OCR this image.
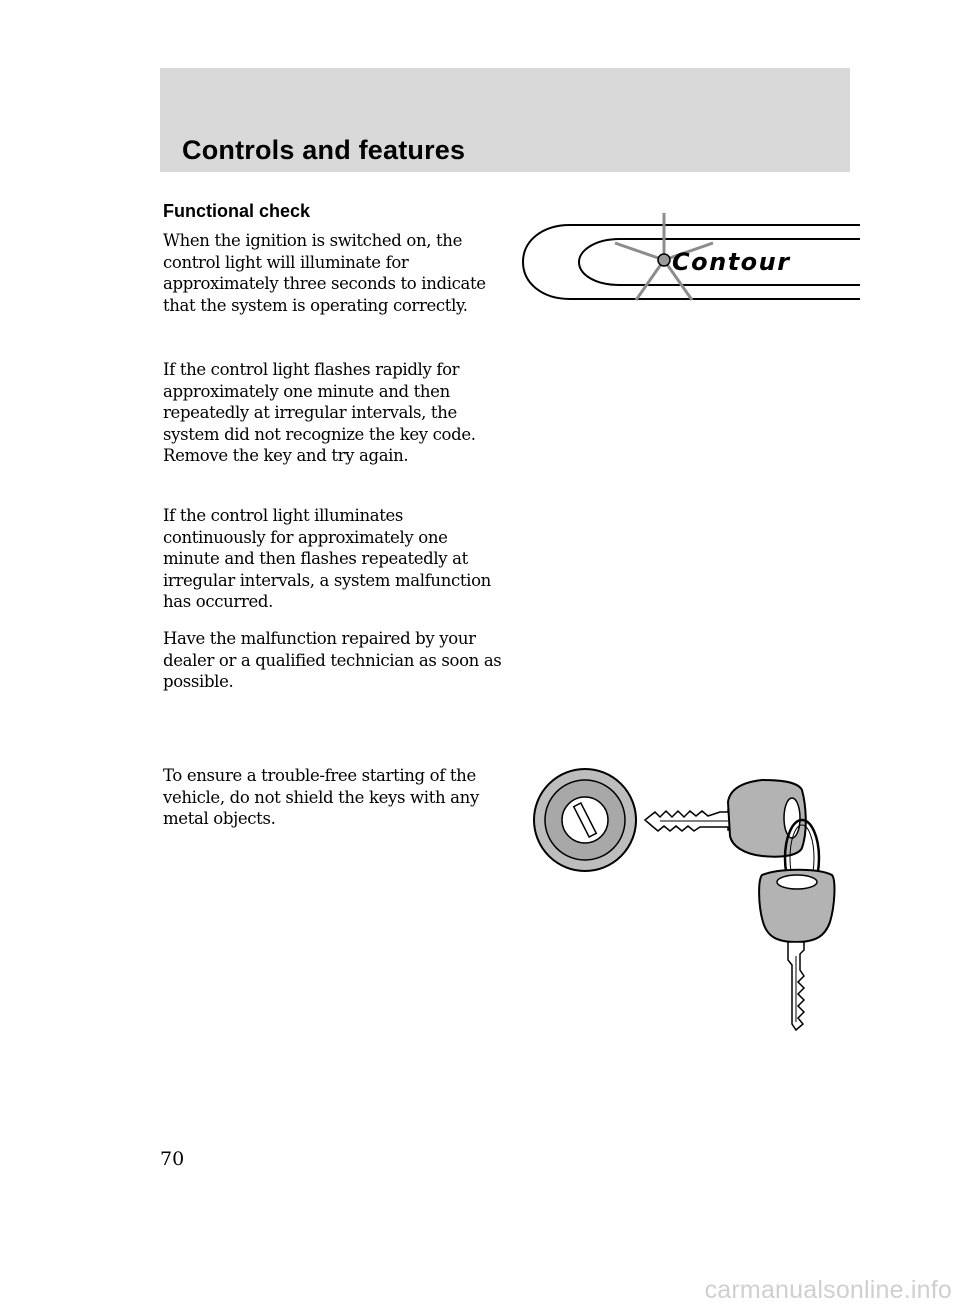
Controls and features
Functional check

When the ignition is switched on, the control light will illuminate for approximately three seconds to indicate that the system is operating correctly.

If the control light flashes rapidly for approximately one minute and then repeatedly at irregular intervals, the system did not recognize the key code. Remove the key and try again.

If the control light illuminates continuously for approximately one minute and then flashes repeatedly at irregular intervals, a system malfunction has occurred.

Have the malfunction repaired by your dealer or a qualified technician as soon as possible.

To ensure a trouble-free starting of the vehicle, do not shield the keys with any metal objects.

Contour

70

carmanualsonline.info
